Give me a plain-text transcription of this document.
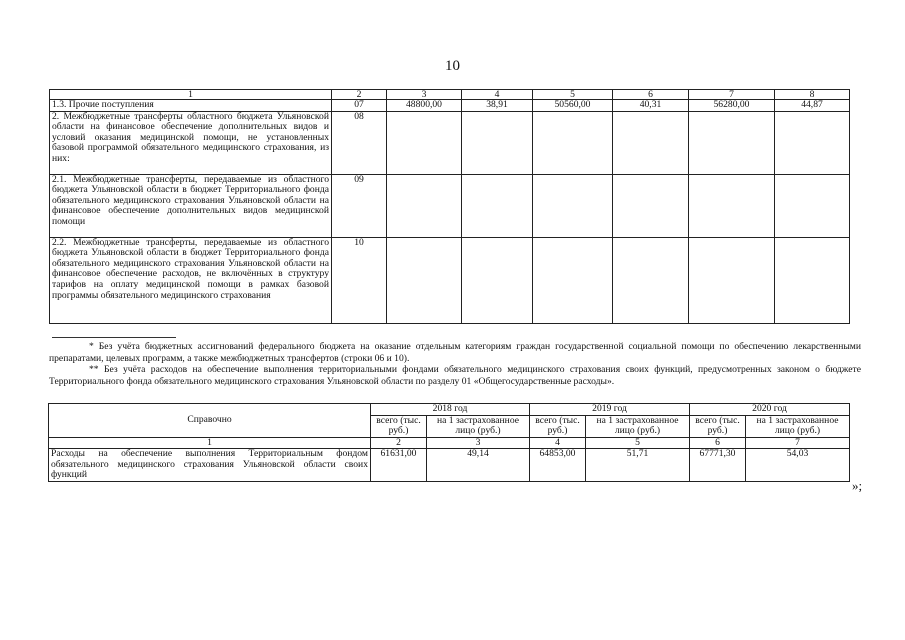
10
1	2	3	4	5	6	7	8
1.3. Прочие поступления	07	48800,00	38,91	50560,00	40,31	56280,00	44,87
2. Межбюджетные трансферты областного бюджета Ульяновской области на финансовое обеспечение дополнительных видов и условий оказания медицинской помощи, не установленных базовой программой обязательного медицинского страхования, из них:	08						
2.1. Межбюджетные трансферты, передаваемые из областного бюджета Ульяновской области в бюджет Территориального фонда обязательного медицинского страхования Ульяновской области на финансовое обеспечение дополнительных видов медицинской помощи	09						
2.2. Межбюджетные трансферты, передаваемые из областного бюджета Ульяновской области в бюджет Территориального фонда обязательного медицинского страхования Ульяновской области на финансовое обеспечение расходов, не включённых в структуру тарифов на оплату медицинской помощи в рамках базовой программы обязательного медицинского страхования	10						

* Без учёта бюджетных ассигнований федерального бюджета на оказание отдельным категориям граждан государственной социальной помощи по обеспечению лекарственными препаратами, целевых программ, а также межбюджетных трансфертов (строки 06 и 10).

** Без учёта расходов на обеспечение выполнения территориальными фондами обязательного медицинского страхования своих функций, предусмотренных законом о бюджете Территориального фонда обязательного медицинского страхования Ульяновской области по разделу 01 «Общегосударственные расходы».

Справочно	2018 год		2019 год		2020 год	
	всего (тыс. руб.)	на 1 застрахованное лицо (руб.)	всего (тыс. руб.)	на 1 застрахованное лицо (руб.)	всего (тыс. руб.)	на 1 застрахованное лицо (руб.)
1	2	3	4	5	6	7
Расходы на обеспечение выполнения Территориальным фондом обязательного медицинского страхования Ульяновской области своих функций	61631,00	49,14	64853,00	51,71	67771,30	54,03
»;
